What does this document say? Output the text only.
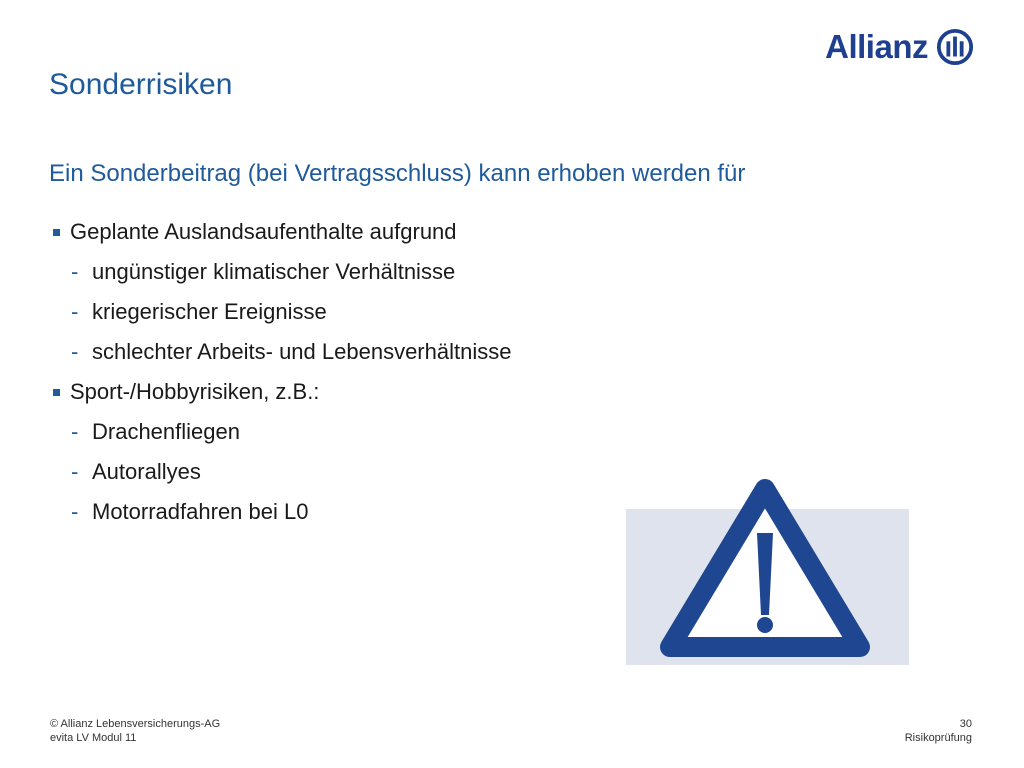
Allianz
Sonderrisiken
Ein Sonderbeitrag (bei Vertragsschluss) kann erhoben werden für
Geplante Auslandsaufenthalte aufgrund
- ungünstiger klimatischer Verhältnisse
- kriegerischer Ereignisse
- schlechter Arbeits- und Lebensverhältnisse
Sport-/Hobbyrisiken, z.B.:
- Drachenfliegen
- Autorallyes
- Motorradfahren bei L0
© Allianz Lebensversicherungs-AG
evita LV Modul 11
30
Risikoprüfung
